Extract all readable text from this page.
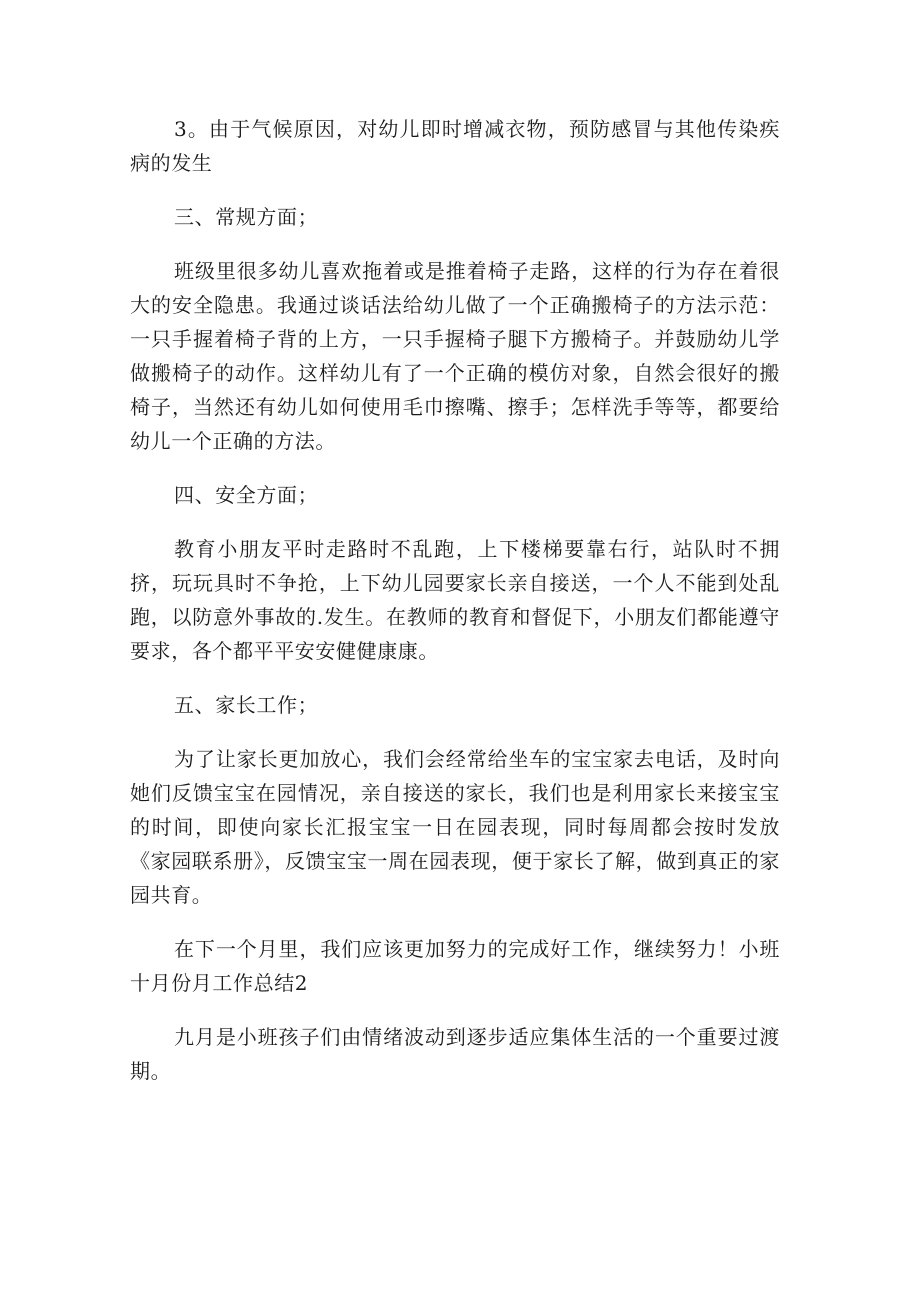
3。由于气候原因，对幼儿即时增减衣物，预防感冒与其他传染疾病的发生

三、常规方面；

班级里很多幼儿喜欢拖着或是推着椅子走路，这样的行为存在着很大的安全隐患。我通过谈话法给幼儿做了一个正确搬椅子的方法示范：一只手握着椅子背的上方，一只手握椅子腿下方搬椅子。并鼓励幼儿学做搬椅子的动作。这样幼儿有了一个正确的模仿对象，自然会很好的搬椅子，当然还有幼儿如何使用毛巾擦嘴、擦手；怎样洗手等等，都要给幼儿一个正确的方法。

四、安全方面；

教育小朋友平时走路时不乱跑，上下楼梯要靠右行，站队时不拥挤，玩玩具时不争抢，上下幼儿园要家长亲自接送，一个人不能到处乱跑，以防意外事故的.发生。在教师的教育和督促下，小朋友们都能遵守要求，各个都平平安安健健康康。

五、家长工作；

为了让家长更加放心，我们会经常给坐车的宝宝家去电话，及时向她们反馈宝宝在园情况，亲自接送的家长，我们也是利用家长来接宝宝的时间，即使向家长汇报宝宝一日在园表现，同时每周都会按时发放《家园联系册》，反馈宝宝一周在园表现，便于家长了解，做到真正的家园共育。

在下一个月里，我们应该更加努力的完成好工作，继续努力！小班十月份月工作总结2

九月是小班孩子们由情绪波动到逐步适应集体生活的一个重要过渡期。
